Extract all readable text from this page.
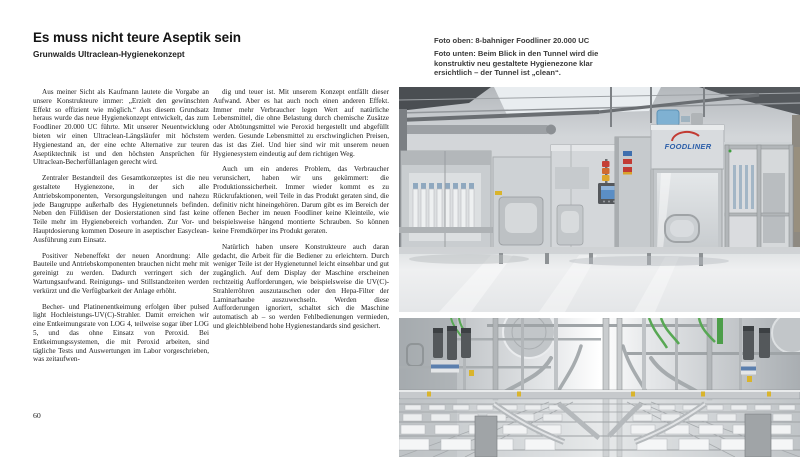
Es muss nicht teure Aseptik sein
Grunwalds Ultraclean-Hygienekonzept

Aus meiner Sicht als Kaufmann lautete die Vorgabe an unsere Konstrukteure immer: „Erzielt den gewünschten Effekt so effizient wie möglich.“ Aus diesem Grundsatz heraus wurde das neue Hygienekonzept entwickelt, das zum Foodliner 20.000 UC führte. Mit unserer Neuentwicklung bieten wir einen Ultraclean-Längsläufer mit höchstem Hygienestand an, der eine echte Alternative zur teuren Aseptiktechnik ist und den höchsten Ansprüchen für Ultraclean-Becherfüllanlagen gerecht wird.

Zentraler Bestandteil des Gesamtkonzeptes ist die neu gestaltete Hygienezone, in der sich alle Antriebskomponenten, Versorgungsleitungen und nahezu jede Baugruppe außerhalb des Hygienetunnels befinden. Neben den Fülldüsen der Dosierstationen sind fast keine Teile mehr im Hygienebereich vorhanden. Zur Vor- und Hauptdosierung kommen Doseure in aseptischer Easyclean-Ausführung zum Einsatz.

Positiver Nebeneffekt der neuen Anordnung: Alle Bauteile und Antriebskomponenten brauchen nicht mehr mit gereinigt zu werden. Dadurch verringert sich der Wartungsaufwand. Reinigungs- und Stillstandzeiten werden verkürzt und die Verfügbarkeit der Anlage erhöht.

Becher- und Platinenentkeimung erfolgen über pulsed light Hochleistungs-UV(C)-Strahler. Damit erreichen wir eine Entkeimungsrate von LOG 4, teilweise sogar über LOG 5, und das ohne Einsatz von Peroxid. Bei Entkeimungssystemen, die mit Peroxid arbeiten, sind tägliche Tests und Auswertungen im Labor vorgeschrieben, was zeitaufwen-

dig und teuer ist. Mit unserem Konzept entfällt dieser Aufwand. Aber es hat auch noch einen anderen Effekt. Immer mehr Verbraucher legen Wert auf natürliche Lebensmittel, die ohne Belastung durch chemische Zusätze oder Abtötungsmittel wie Peroxid hergestellt und abgefüllt werden. Gesunde Lebensmittel zu erschwinglichen Preisen, das ist das Ziel. Und hier sind wir mit unserem neuen Hygienesystem eindeutig auf dem richtigen Weg.

Auch um ein anderes Problem, das Verbraucher verunsichert, haben wir uns gekümmert: die Produktionssicherheit. Immer wieder kommt es zu Rückrufaktionen, weil Teile in das Produkt geraten sind, die definitiv nicht hineingehören. Darum gibt es im Bereich der offenen Becher im neuen Foodliner keine Kleinteile, wie beispielsweise hängend montierte Schrauben. So können keine Fremdkörper ins Produkt geraten.

Natürlich haben unsere Konstrukteure auch daran gedacht, die Arbeit für die Bediener zu erleichtern. Durch weniger Teile ist der Hygienetunnel leicht einsehbar und gut zugänglich. Auf dem Display der Maschine erscheinen rechtzeitig Aufforderungen, wie beispielsweise die UV(C)-Strahlerröhren auszutauschen oder den Hepa-Filter der Laminarhaube auszuwechseln. Werden diese Aufforderungen ignoriert, schaltet sich die Maschine automatisch ab – so werden Fehlbedienungen vermieden, und gleichbleibend hohe Hygienestandards sind gesichert.

60

Foto oben: 8-bahniger Foodliner 20.000 UC

Foto unten: Beim Blick in den Tunnel wird die konstruktiv neu gestaltete Hygienezone klar ersichtlich – der Tunnel ist „clean“.

FOODLINER
